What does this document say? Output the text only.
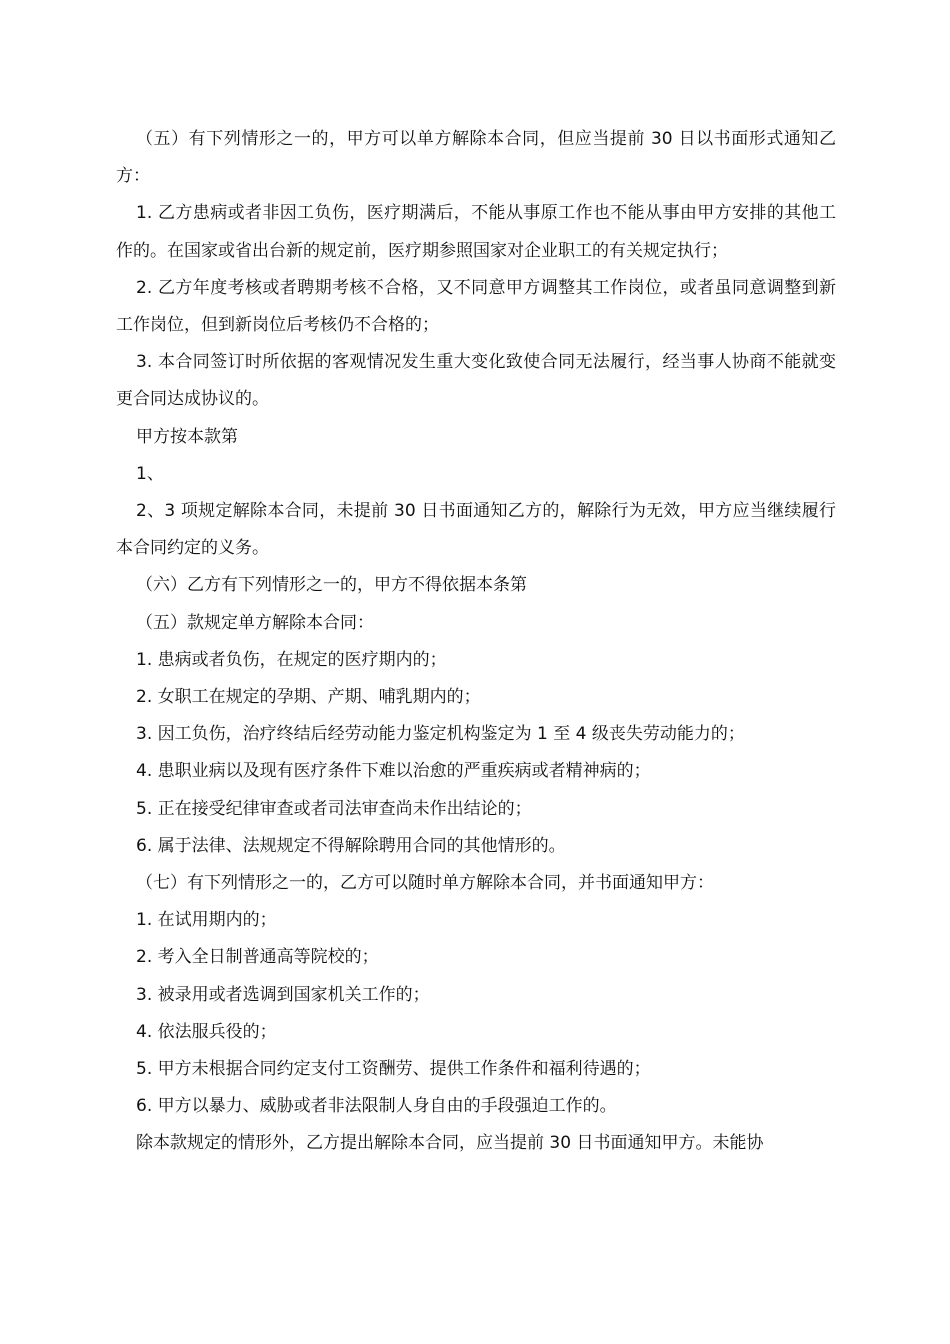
（五）有下列情形之一的，甲方可以单方解除本合同，但应当提前 30 日以书面形式通知乙方：

1. 乙方患病或者非因工负伤，医疗期满后，不能从事原工作也不能从事由甲方安排的其他工作的。在国家或省出台新的规定前，医疗期参照国家对企业职工的有关规定执行；

2. 乙方年度考核或者聘期考核不合格，又不同意甲方调整其工作岗位，或者虽同意调整到新工作岗位，但到新岗位后考核仍不合格的；

3. 本合同签订时所依据的客观情况发生重大变化致使合同无法履行，经当事人协商不能就变更合同达成协议的。

甲方按本款第

1、

2、3 项规定解除本合同，未提前 30 日书面通知乙方的，解除行为无效，甲方应当继续履行本合同约定的义务。

（六）乙方有下列情形之一的，甲方不得依据本条第

（五）款规定单方解除本合同：

1. 患病或者负伤，在规定的医疗期内的；

2. 女职工在规定的孕期、产期、哺乳期内的；

3. 因工负伤，治疗终结后经劳动能力鉴定机构鉴定为 1 至 4 级丧失劳动能力的；

4. 患职业病以及现有医疗条件下难以治愈的严重疾病或者精神病的；

5. 正在接受纪律审查或者司法审查尚未作出结论的；

6. 属于法律、法规规定不得解除聘用合同的其他情形的。

（七）有下列情形之一的，乙方可以随时单方解除本合同，并书面通知甲方：

1. 在试用期内的；

2. 考入全日制普通高等院校的；

3. 被录用或者选调到国家机关工作的；

4. 依法服兵役的；

5. 甲方未根据合同约定支付工资酬劳、提供工作条件和福利待遇的；

6. 甲方以暴力、威胁或者非法限制人身自由的手段强迫工作的。

除本款规定的情形外，乙方提出解除本合同，应当提前 30 日书面通知甲方。未能协
